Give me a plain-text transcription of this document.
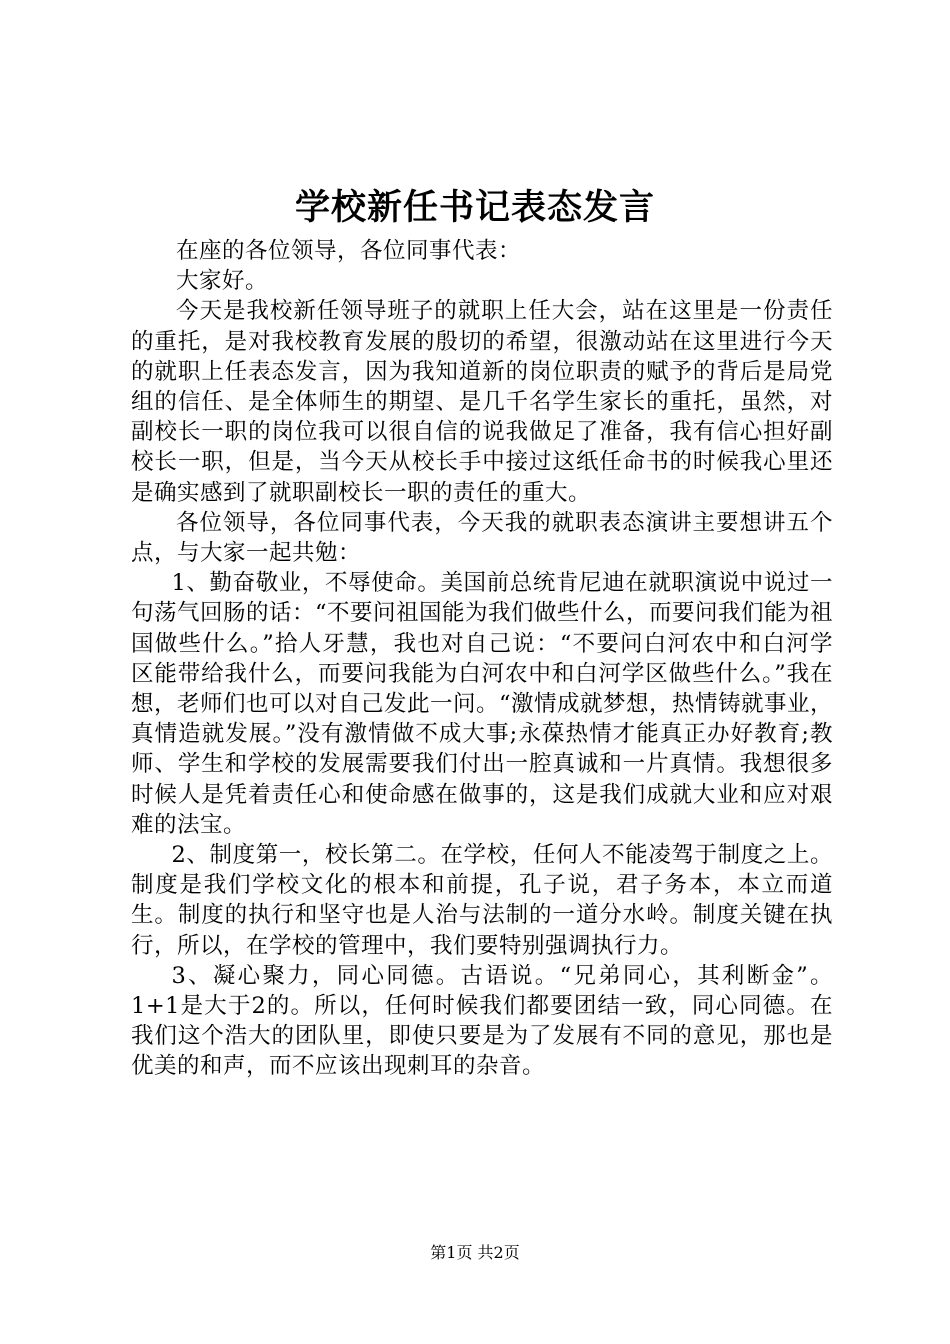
学校新任书记表态发言

在座的各位领导，各位同事代表：

大家好。

今天是我校新任领导班子的就职上任大会，站在这里是一份责任的重托，是对我校教育发展的殷切的希望，很激动站在这里进行今天的就职上任表态发言，因为我知道新的岗位职责的赋予的背后是局党组的信任、是全体师生的期望、是几千名学生家长的重托，虽然，对副校长一职的岗位我可以很自信的说我做足了准备，我有信心担好副校长一职，但是，当今天从校长手中接过这纸任命书的时候我心里还是确实感到了就职副校长一职的责任的重大。

各位领导，各位同事代表，今天我的就职表态演讲主要想讲五个点，与大家一起共勉：

1、勤奋敬业，不辱使命。美国前总统肯尼迪在就职演说中说过一句荡气回肠的话：“不要问祖国能为我们做些什么，而要问我们能为祖国做些什么。”拾人牙慧，我也对自己说：“不要问白河农中和白河学区能带给我什么，而要问我能为白河农中和白河学区做些什么。”我在想，老师们也可以对自己发此一问。“激情成就梦想，热情铸就事业，真情造就发展。”没有激情做不成大事;永葆热情才能真正办好教育;教师、学生和学校的发展需要我们付出一腔真诚和一片真情。我想很多时候人是凭着责任心和使命感在做事的，这是我们成就大业和应对艰难的法宝。

2、制度第一，校长第二。在学校，任何人不能凌驾于制度之上。制度是我们学校文化的根本和前提，孔子说，君子务本，本立而道生。制度的执行和坚守也是人治与法制的一道分水岭。制度关键在执行，所以，在学校的管理中，我们要特别强调执行力。

3、凝心聚力，同心同德。古语说。“兄弟同心，其利断金”。1+1是大于2的。所以，任何时候我们都要团结一致，同心同德。在我们这个浩大的团队里，即使只要是为了发展有不同的意见，那也是优美的和声，而不应该出现刺耳的杂音。

第1页 共2页
